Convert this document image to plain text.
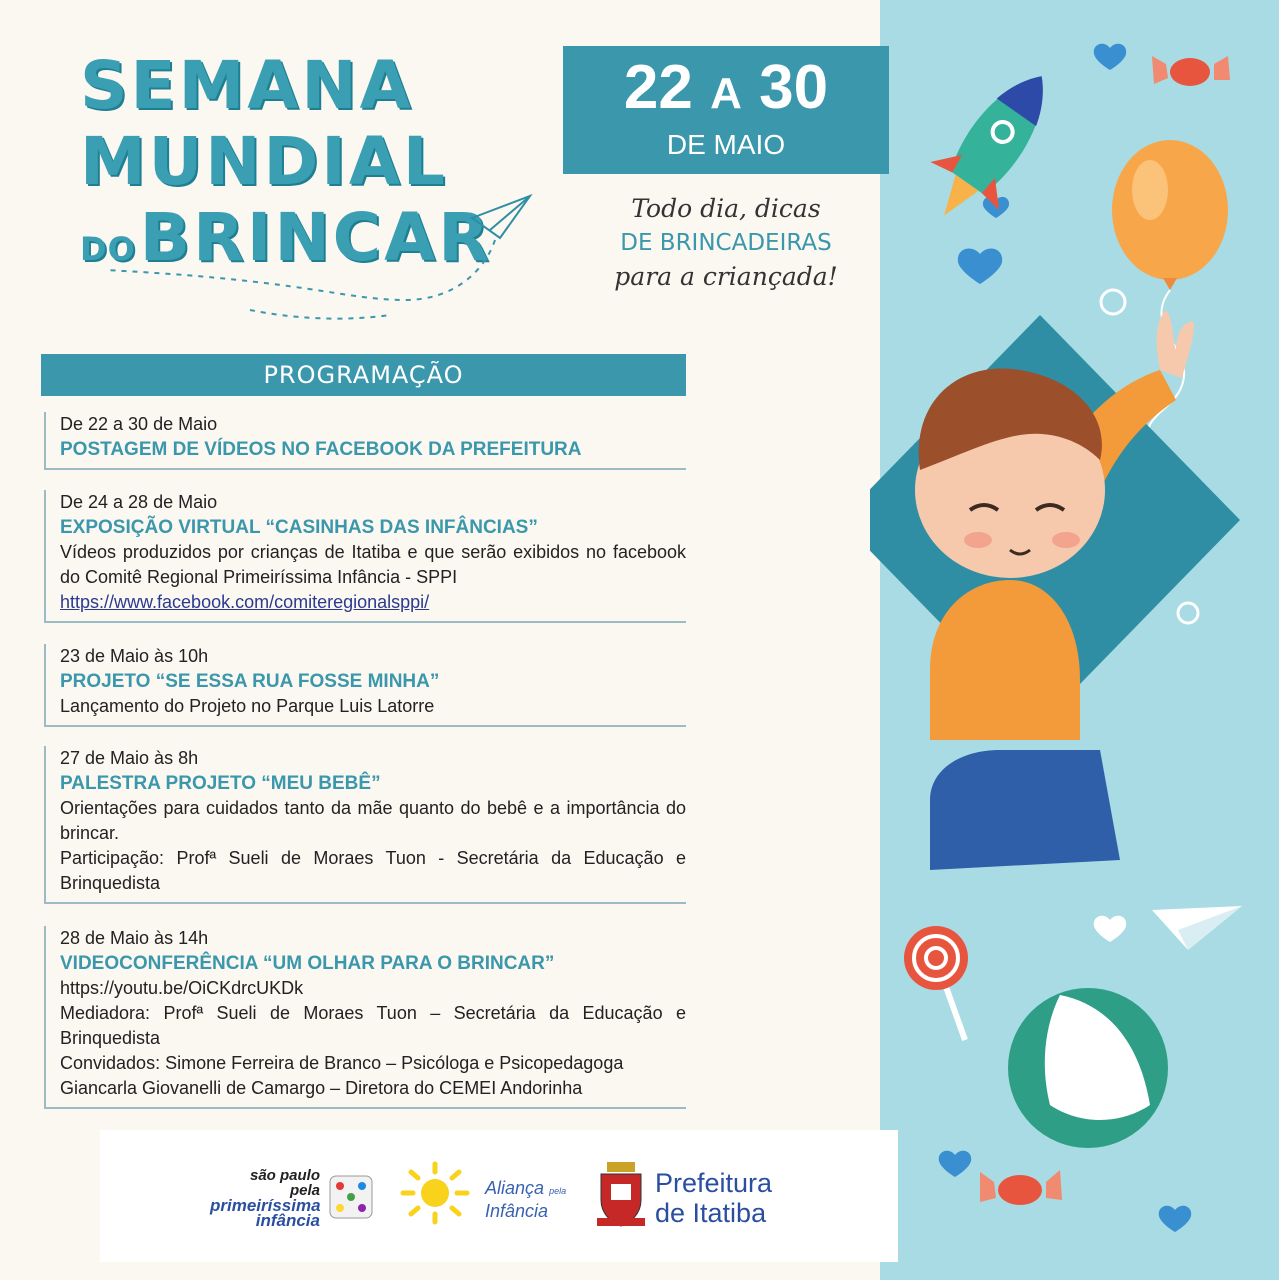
SEMANA
MUNDIAL
DOBRINCAR
22 A 30
DE MAIO
Todo dia, dicas
DE BRINCADEIRAS
para a criançada!
PROGRAMAÇÃO
De 22 a 30 de Maio
POSTAGEM DE VÍDEOS NO FACEBOOK DA PREFEITURA
De 24 a 28 de Maio
EXPOSIÇÃO VIRTUAL “CASINHAS DAS INFÂNCIAS”
Vídeos produzidos por crianças de Itatiba e que serão exibidos no facebook do Comitê Regional Primeiríssima Infância - SPPI
https://www.facebook.com/comiteregionalsppi/
23 de Maio às 10h
PROJETO “SE ESSA RUA FOSSE MINHA”
Lançamento do Projeto no Parque Luis Latorre
27 de Maio às 8h
PALESTRA PROJETO “MEU BEBÊ”
Orientações para cuidados tanto da mãe quanto do bebê e a importância do brincar.
Participação: Profª Sueli de Moraes Tuon - Secretária da Educação e Brinquedista
28 de Maio às 14h
VIDEOCONFERÊNCIA “UM OLHAR PARA O BRINCAR”
https://youtu.be/OiCKdrcUKDk
Mediadora: Profª Sueli de Moraes Tuon – Secretária da Educação e Brinquedista
Convidados: Simone Ferreira de Branco – Psicóloga e Psicopedagoga
Giancarla Giovanelli de Camargo – Diretora do CEMEI Andorinha
são paulo
pela
primeiríssima
infância
Aliança pela
Infância
Prefeitura
de Itatiba
